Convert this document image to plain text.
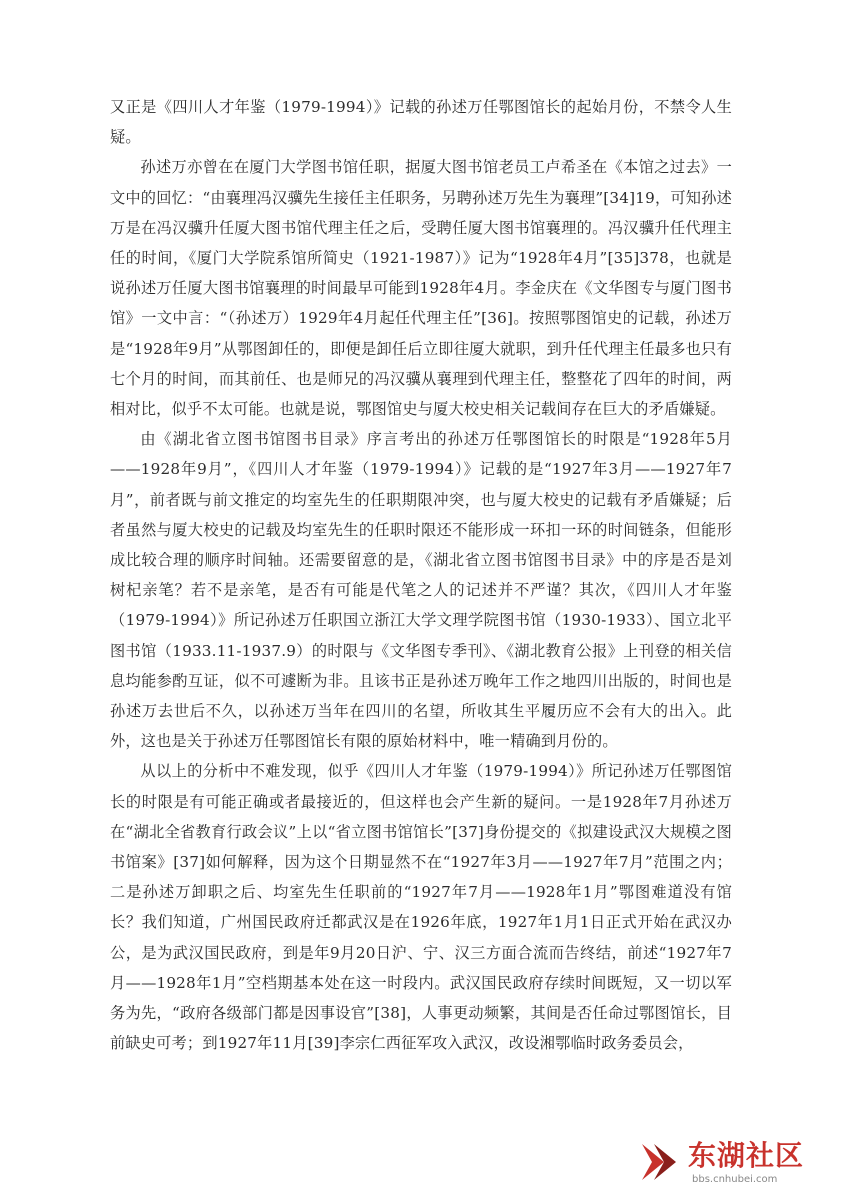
又正是《四川人才年鉴（1979-1994）》记载的孙述万任鄂图馆长的起始月份，不禁令人生疑。

孙述万亦曾在在厦门大学图书馆任职，据厦大图书馆老员工卢希圣在《本馆之过去》一文中的回忆：“由襄理冯汉骥先生接任主任职务，另聘孙述万先生为襄理”[34]19，可知孙述万是在冯汉骥升任厦大图书馆代理主任之后，受聘任厦大图书馆襄理的。冯汉骥升任代理主任的时间，《厦门大学院系馆所简史（1921-1987）》记为“1928年4月”[35]378，也就是说孙述万任厦大图书馆襄理的时间最早可能到1928年4月。李金庆在《文华图专与厦门图书馆》一文中言：“（孙述万）1929年4月起任代理主任”[36]。按照鄂图馆史的记载，孙述万是“1928年9月”从鄂图卸任的，即便是卸任后立即往厦大就职，到升任代理主任最多也只有七个月的时间，而其前任、也是师兄的冯汉骥从襄理到代理主任，整整花了四年的时间，两相对比，似乎不太可能。也就是说，鄂图馆史与厦大校史相关记载间存在巨大的矛盾嫌疑。

由《湖北省立图书馆图书目录》序言考出的孙述万任鄂图馆长的时限是“1928年5月——1928年9月”，《四川人才年鉴（1979-1994）》记载的是“1927年3月——1927年7月”，前者既与前文推定的均室先生的任职期限冲突，也与厦大校史的记载有矛盾嫌疑；后者虽然与厦大校史的记载及均室先生的任职时限还不能形成一环扣一环的时间链条，但能形成比较合理的顺序时间轴。还需要留意的是，《湖北省立图书馆图书目录》中的序是否是刘树杞亲笔？若不是亲笔，是否有可能是代笔之人的记述并不严谨？其次，《四川人才年鉴（1979-1994）》所记孙述万任职国立浙江大学文理学院图书馆（1930-1933）、国立北平图书馆（1933.11-1937.9）的时限与《文华图专季刊》、《湖北教育公报》上刊登的相关信息均能参酌互证，似不可遽断为非。且该书正是孙述万晚年工作之地四川出版的，时间也是孙述万去世后不久，以孙述万当年在四川的名望，所收其生平履历应不会有大的出入。此外，这也是关于孙述万任鄂图馆长有限的原始材料中，唯一精确到月份的。

从以上的分析中不难发现，似乎《四川人才年鉴（1979-1994）》所记孙述万任鄂图馆长的时限是有可能正确或者最接近的，但这样也会产生新的疑问。一是1928年7月孙述万在“湖北全省教育行政会议”上以“省立图书馆馆长”[37]身份提交的《拟建设武汉大规模之图书馆案》[37]如何解释，因为这个日期显然不在“1927年3月——1927年7月”范围之内；二是孙述万卸职之后、均室先生任职前的“1927年7月——1928年1月”鄂图难道没有馆长？我们知道，广州国民政府迁都武汉是在1926年底，1927年1月1日正式开始在武汉办公，是为武汉国民政府，到是年9月20日沪、宁、汉三方面合流而告终结，前述“1927年7月——1928年1月”空档期基本处在这一时段内。武汉国民政府存续时间既短，又一切以军务为先，“政府各级部门都是因事设官”[38]，人事更动频繁，其间是否任命过鄂图馆长，目前缺史可考；到1927年11月[39]李宗仁西征军攻入武汉，改设湘鄂临时政务委员会，

东湖社区
bbs.cnhubei.com
